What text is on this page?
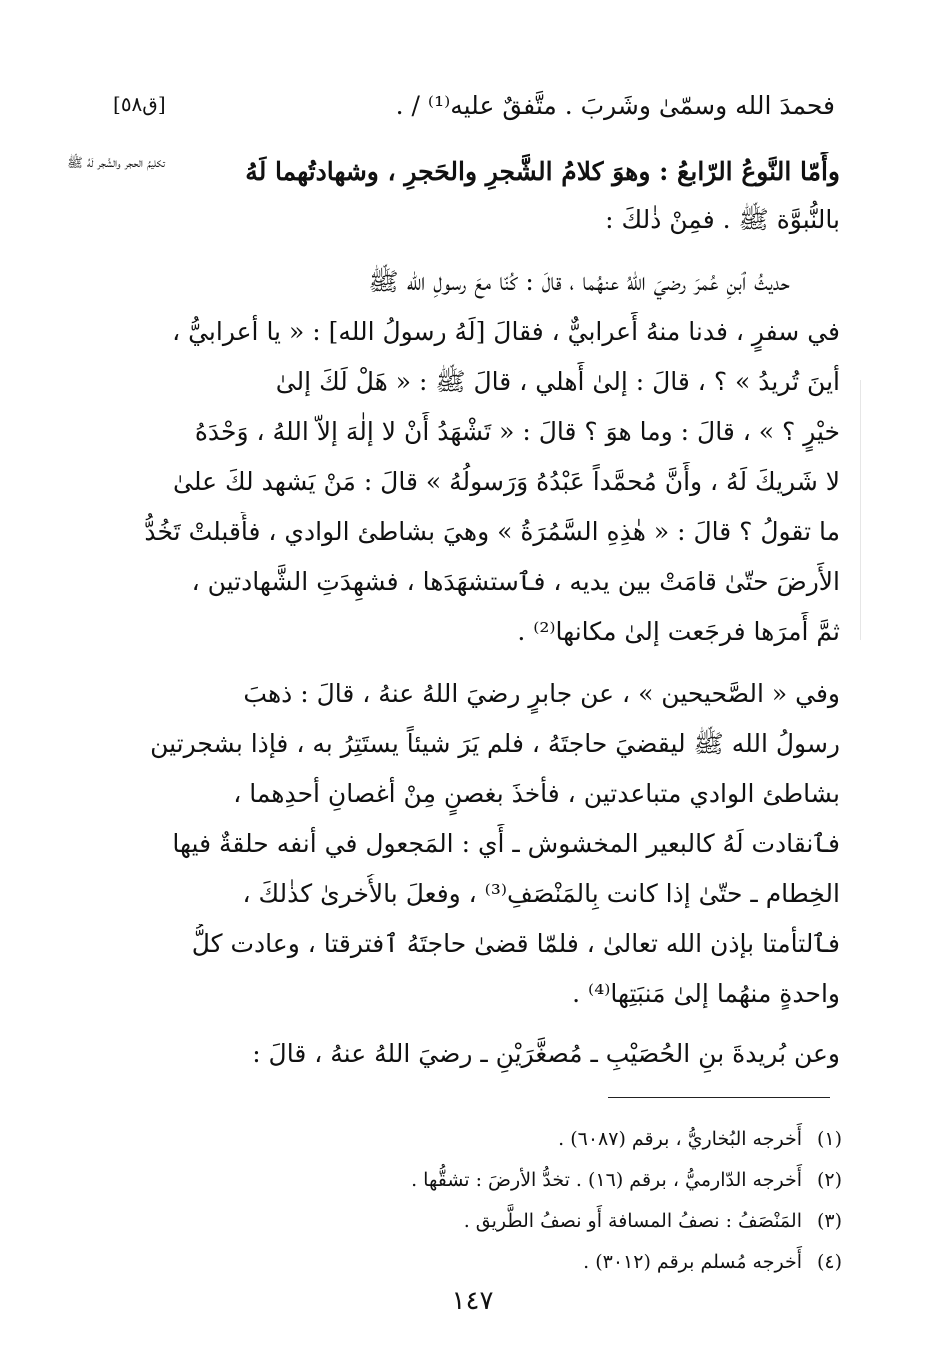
[ق٥٨]
تكليمُ الحجر والشَّجر لَهُ ﷺ
فحمدَ الله وسمّىٰ وشَربَ . متَّفقٌ عليه⁽¹⁾ / .
وأَمّا النَّوعُ الرّابعُ : وهوَ كلامُ الشَّجرِ والحَجرِ ، وشهادتُهما لَهُ
بالنُّبوَّة ﷺ . فمِنْ ذٰلكَ :
حديثُ ٱبنِ عُمرَ رضيَ اللهُ عنهُما ، قالَ : كُنّا معَ رسولِ الله ﷺ
في سفرٍ ، فدنا منهُ أَعرابيٌّ ، فقالَ [لَهُ رسولُ الله] : « يا أعرابيُّ ،
أينَ تُريدُ » ؟ ، قالَ : إلىٰ أَهلي ، قالَ ﷺ : « هَلْ لَكَ إلىٰ
خيْرٍ ؟ » ، قالَ : وما هوَ ؟ قالَ : « تَشْهَدُ أَنْ لا إلٰهَ إلاّ اللهُ ، وَحْدَهُ
لا شَريكَ لَهُ ، وأَنَّ مُحمَّداً عَبْدُهُ وَرَسولُهُ » قالَ : مَنْ يَشهد لكَ علىٰ
ما تقولُ ؟ قالَ : « هٰذِهِ السَّمُرَةُ » وهيَ بشاطئ الوادي ، فأَقبلتْ تَخُدُّ
الأَرضَ حتّىٰ قامَتْ بين يديه ، فٱستشهَدَها ، فشهِدَتِ الشَّهادتين ،
ثمَّ أَمرَها فرجَعت إلىٰ مكانها⁽²⁾ .
وفي « الصَّحيحين » ، عن جابرٍ رضيَ اللهُ عنهُ ، قالَ : ذهبَ
رسولُ الله ﷺ ليقضيَ حاجتَهُ ، فلم يَرَ شيئاً يستَتِرُ به ، فإذا بشجرتين
بشاطئ الوادي متباعدتين ، فأخذَ بغصنٍ مِنْ أغصانِ أحدِهما ،
فٱنقادت لَهُ كالبعير المخشوش ـ أَي : المَجعول في أنفه حلقةٌ فيها
الخِطام ـ حتّىٰ إذا كانت بِالمَنْصَفِ⁽³⁾ ، وفعلَ بالأُخرىٰ كذٰلكَ ،
فٱلتأمتا بإذن الله تعالىٰ ، فلمّا قضىٰ حاجتَهُ ٱفترقتا ، وعادت كلُّ
واحدةٍ منهُما إلىٰ مَنبَتِها⁽⁴⁾ .
وعن بُريدةَ بنِ الحُصَيْبِ ـ مُصغَّرَيْنِ ـ رضيَ اللهُ عنهُ ، قالَ :
(١)أَخرجه البُخاريُّ ، برقم (٦٠٨٧) .
(٢)أَخرجه الدّارميُّ ، برقم (١٦) . تخدُّ الأرضَ : تشقُّها .
(٣)المَنْصَفُ : نصفُ المسافة أَو نصفُ الطَّريق .
(٤)أَخرجه مُسلم برقم (٣٠١٢) .
١٤٧
